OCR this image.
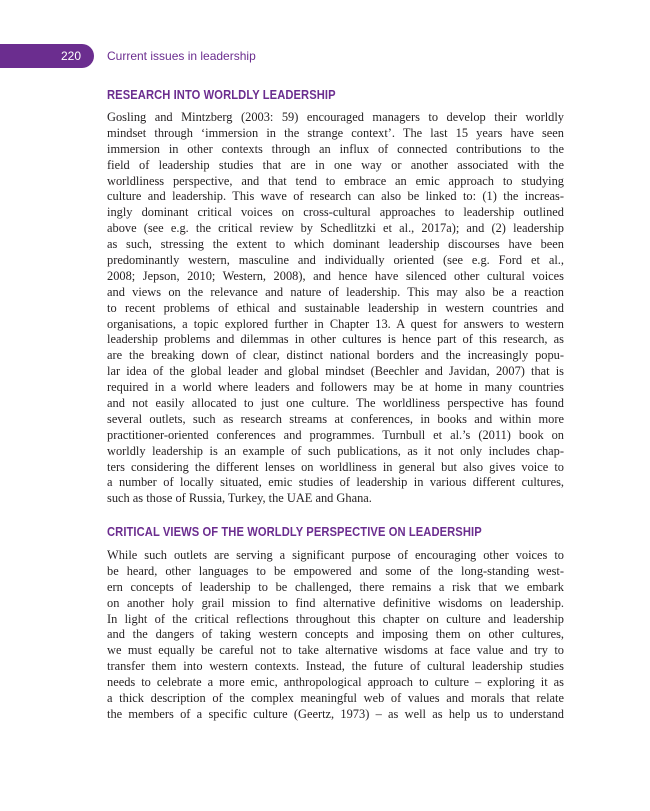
220	Current issues in leadership
RESEARCH INTO WORLDLY LEADERSHIP
Gosling and Mintzberg (2003: 59) encouraged managers to develop their worldly
mindset through ‘immersion in the strange context’. The last 15 years have seen
immersion in other contexts through an influx of connected contributions to the
field of leadership studies that are in one way or another associated with the
worldliness perspective, and that tend to embrace an emic approach to studying
culture and leadership. This wave of research can also be linked to: (1) the increas-
ingly dominant critical voices on cross-cultural approaches to leadership outlined
above (see e.g. the critical review by Schedlitzki et al., 2017a); and (2) leadership
as such, stressing the extent to which dominant leadership discourses have been
predominantly western, masculine and individually oriented (see e.g. Ford et al.,
2008; Jepson, 2010; Western, 2008), and hence have silenced other cultural voices
and views on the relevance and nature of leadership. This may also be a reaction
to recent problems of ethical and sustainable leadership in western countries and
organisations, a topic explored further in Chapter 13. A quest for answers to western
leadership problems and dilemmas in other cultures is hence part of this research, as
are the breaking down of clear, distinct national borders and the increasingly popu-
lar idea of the global leader and global mindset (Beechler and Javidan, 2007) that is
required in a world where leaders and followers may be at home in many countries
and not easily allocated to just one culture. The worldliness perspective has found
several outlets, such as research streams at conferences, in books and within more
practitioner-oriented conferences and programmes. Turnbull et al.’s (2011) book on
worldly leadership is an example of such publications, as it not only includes chap-
ters considering the different lenses on worldliness in general but also gives voice to
a number of locally situated, emic studies of leadership in various different cultures,
such as those of Russia, Turkey, the UAE and Ghana.
CRITICAL VIEWS OF THE WORLDLY PERSPECTIVE ON LEADERSHIP
While such outlets are serving a significant purpose of encouraging other voices to
be heard, other languages to be empowered and some of the long-standing west-
ern concepts of leadership to be challenged, there remains a risk that we embark
on another holy grail mission to find alternative definitive wisdoms on leadership.
In light of the critical reflections throughout this chapter on culture and leadership
and the dangers of taking western concepts and imposing them on other cultures,
we must equally be careful not to take alternative wisdoms at face value and try to
transfer them into western contexts. Instead, the future of cultural leadership studies
needs to celebrate a more emic, anthropological approach to culture – exploring it as
a thick description of the complex meaningful web of values and morals that relate
the members of a specific culture (Geertz, 1973) – as well as help us to understand
